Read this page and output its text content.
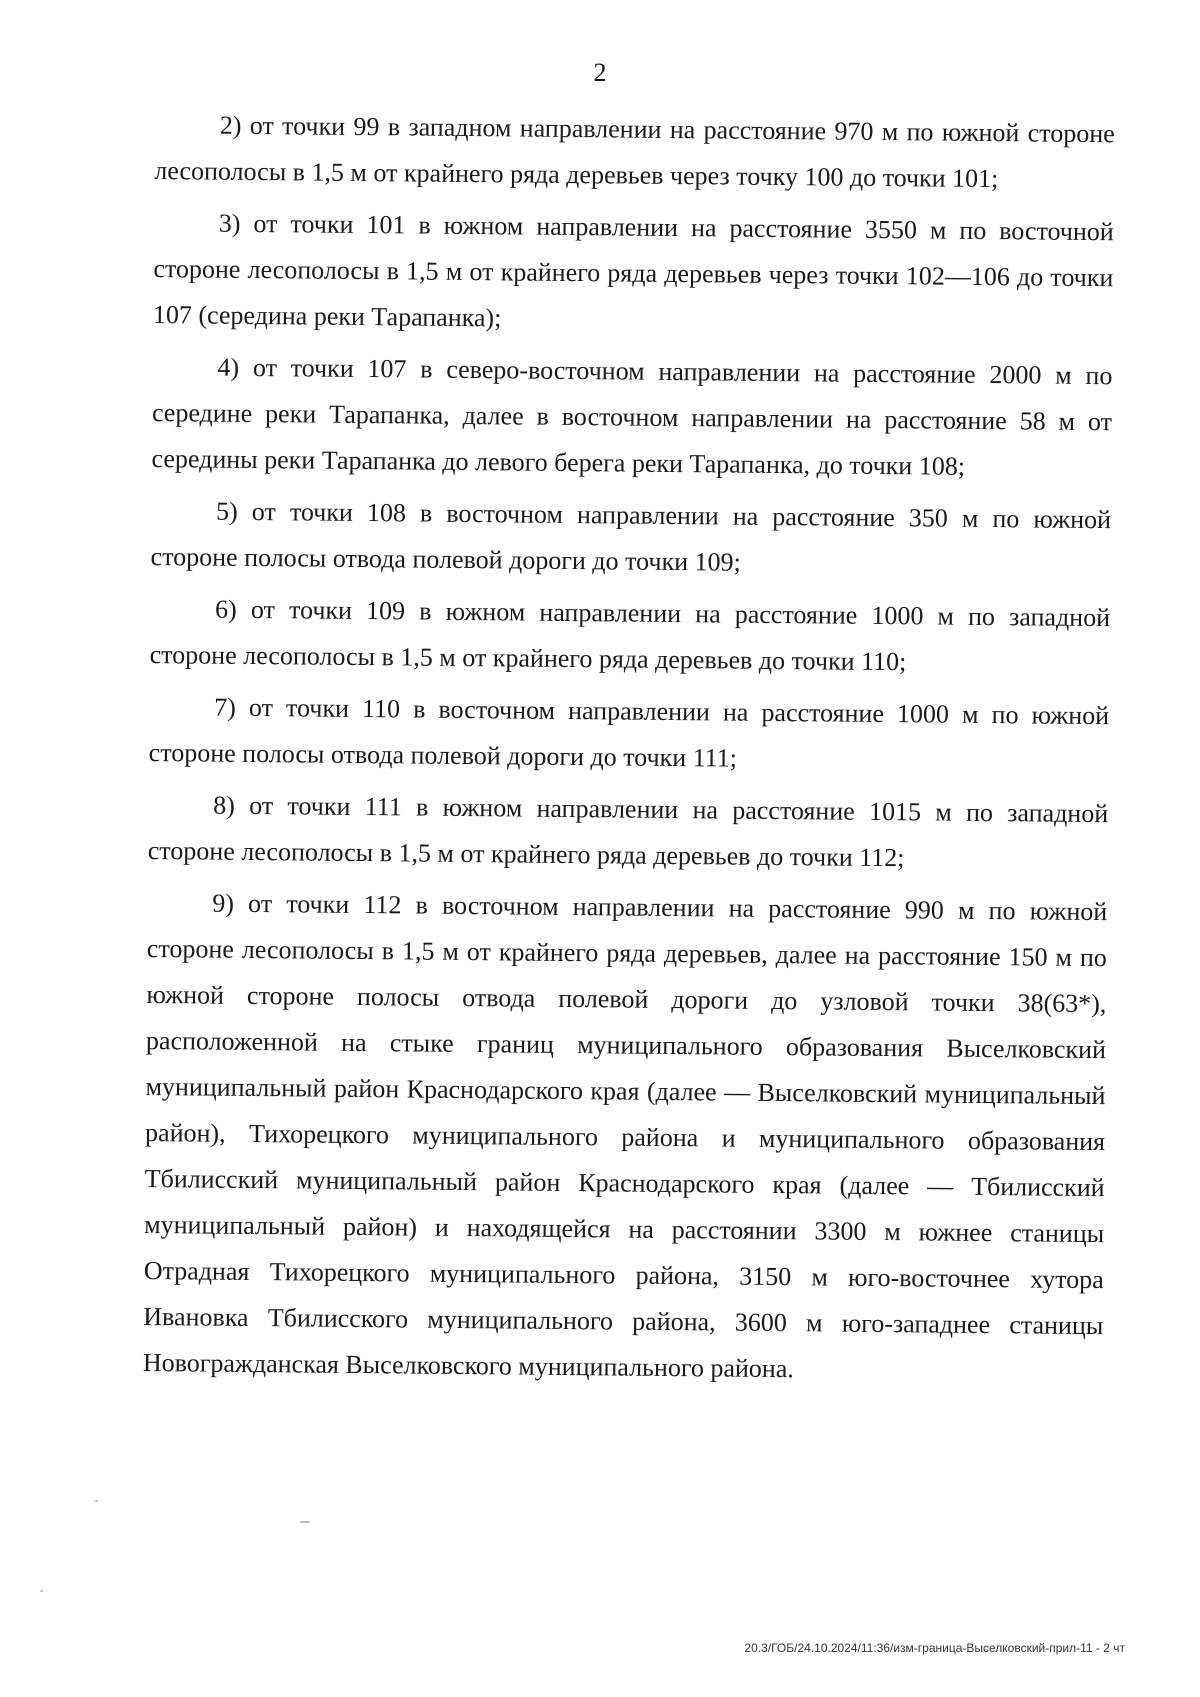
2

2) от точки 99 в западном направлении на расстояние 970 м по южной стороне лесополосы в 1,5 м от крайнего ряда деревьев через точку 100 до точки 101;

3) от точки 101 в южном направлении на расстояние 3550 м по восточной стороне лесополосы в 1,5 м от крайнего ряда деревьев через точки 102—106 до точки 107 (середина реки Тарапанка);

4) от точки 107 в северо-восточном направлении на расстояние 2000 м по середине реки Тарапанка, далее в восточном направлении на расстояние 58 м от середины реки Тарапанка до левого берега реки Тарапанка, до точки 108;

5) от точки 108 в восточном направлении на расстояние 350 м по южной стороне полосы отвода полевой дороги до точки 109;

6) от точки 109 в южном направлении на расстояние 1000 м по западной стороне лесополосы в 1,5 м от крайнего ряда деревьев до точки 110;

7) от точки 110 в восточном направлении на расстояние 1000 м по южной стороне полосы отвода полевой дороги до точки 111;

8) от точки 111 в южном направлении на расстояние 1015 м по западной стороне лесополосы в 1,5 м от крайнего ряда деревьев до точки 112;

9) от точки 112 в восточном направлении на расстояние 990 м по южной стороне лесополосы в 1,5 м от крайнего ряда деревьев, далее на расстояние 150 м по южной стороне полосы отвода полевой дороги до узловой точки 38(63*), расположенной на стыке границ муниципального образования Выселковский муниципальный район Краснодарского края (далее — Выселковский муниципальный район), Тихорецкого муниципального района и муниципального образования Тбилисский муниципальный район Краснодарского края (далее — Тбилисский муниципальный район) и находящейся на расстоянии 3300 м южнее станицы Отрадная Тихорецкого муниципального района, 3150 м юго-восточнее хутора Ивановка Тбилисского муниципального района, 3600 м юго-западнее станицы Новогражданская Выселковского муниципального района.

20.3/ГОБ/24.10.2024/11:36/изм-граница-Выселковский-прил-11 - 2 чт
